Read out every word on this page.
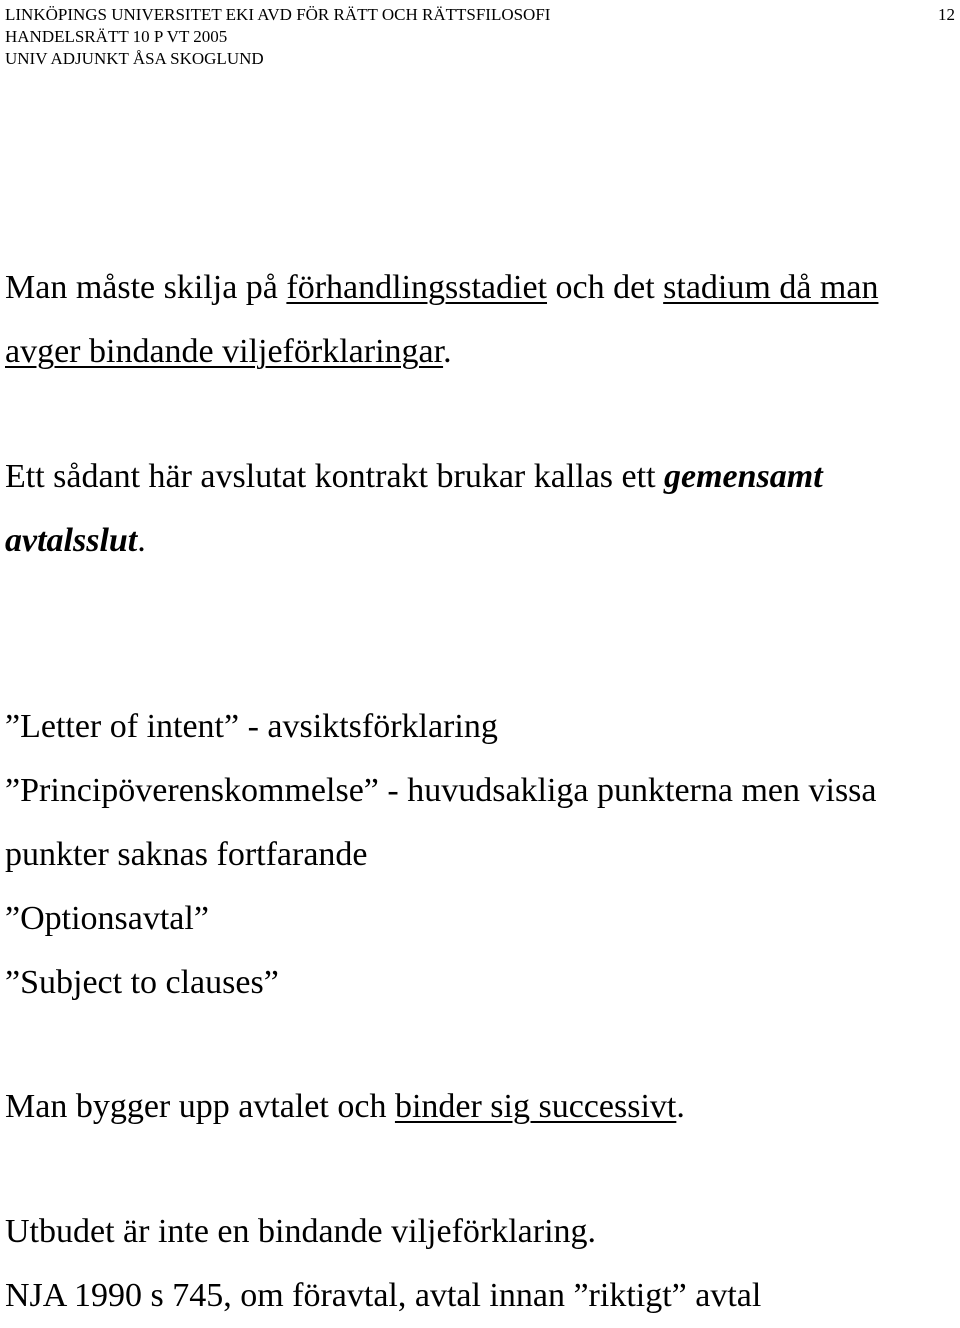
LINKÖPINGS UNIVERSITET EKI AVD FÖR RÄTT OCH RÄTTSFILOSOFI
HANDELSRÄTT 10 P VT 2005
UNIV ADJUNKT ÅSA SKOGLUND
12
Man måste skilja på förhandlingsstadiet och det stadium då man
avger bindande viljeförklaringar.
Ett sådant här avslutat kontrakt brukar kallas ett gemensamt
avtalsslut.
”Letter of intent” - avsiktsförklaring
”Principöverenskommelse” - huvudsakliga punkterna men vissa
punkter saknas fortfarande
”Optionsavtal”
”Subject to clauses”
Man bygger upp avtalet och binder sig successivt.
Utbudet är inte en bindande viljeförklaring.
NJA 1990 s 745, om föravtal, avtal innan ”riktigt” avtal
